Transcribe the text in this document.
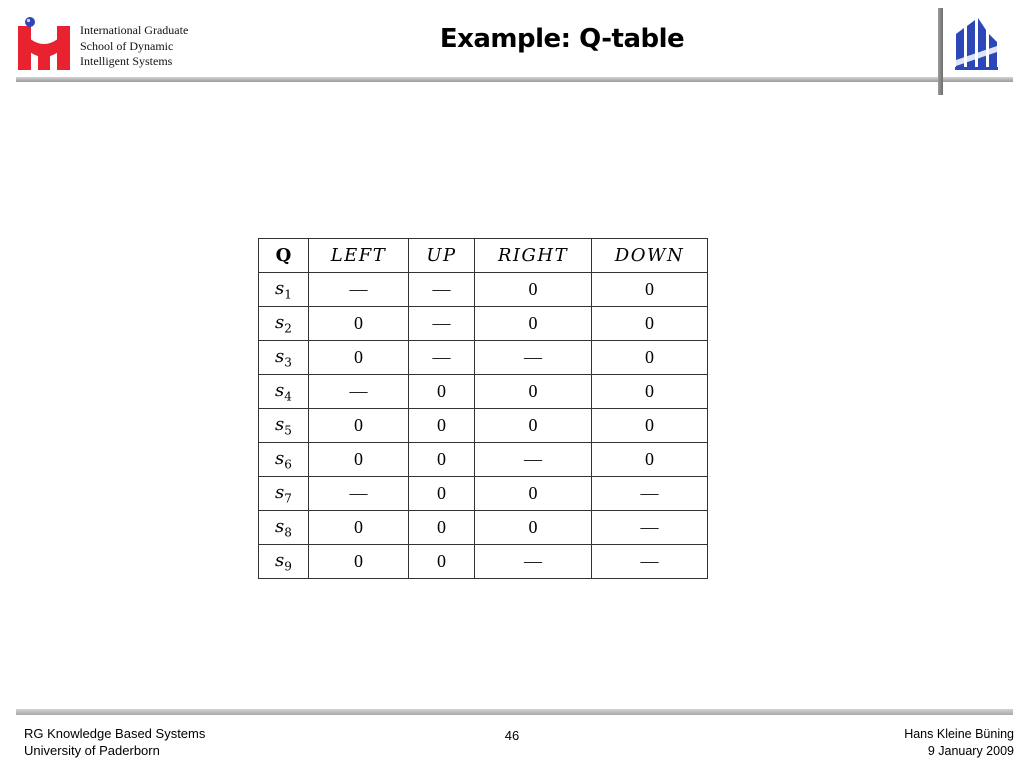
International Graduate
School of Dynamic
Intelligent Systems
Example: Q-table
Q	LEFT	UP	RIGHT	DOWN
$s_1$	—	—	0	0
$s_2$	0	—	0	0
$s_3$	0	—	—	0
$s_4$	—	0	0	0
$s_5$	0	0	0	0
$s_6$	0	0	—	0
$s_7$	—	0	0	—
$s_8$	0	0	0	—
$s_9$	0	0	—	—
RG Knowledge Based Systems
University of Paderborn
46	Hans Kleine Büning
9 January 2009
